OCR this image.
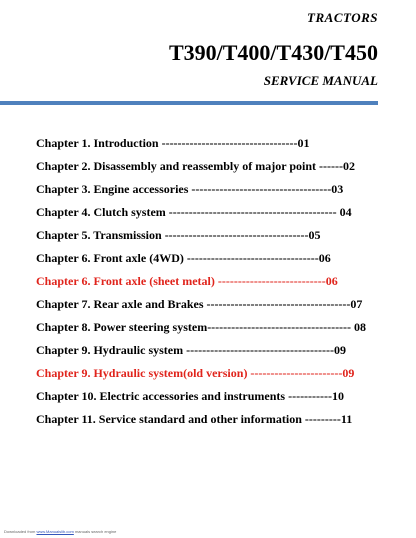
TRACTORS
T390/T400/T430/T450
SERVICE MANUAL
Chapter 1. Introduction ----------------------------------01
Chapter 2. Disassembly and reassembly of major point ------02
Chapter 3. Engine accessories -----------------------------------03
Chapter 4. Clutch system ------------------------------------------ 04
Chapter 5. Transmission ------------------------------------05
Chapter 6. Front axle (4WD) ---------------------------------06
Chapter 6. Front axle (sheet metal) ---------------------------06
Chapter 7. Rear axle and Brakes ------------------------------------07
Chapter 8. Power steering system------------------------------------ 08
Chapter 9. Hydraulic system -------------------------------------09
Chapter 9. Hydraulic system(old version) -----------------------09
Chapter 10. Electric accessories and instruments -----------10
Chapter 11. Service standard and other information ---------11
Downloaded from www.Manualslib.com manuals search engine
